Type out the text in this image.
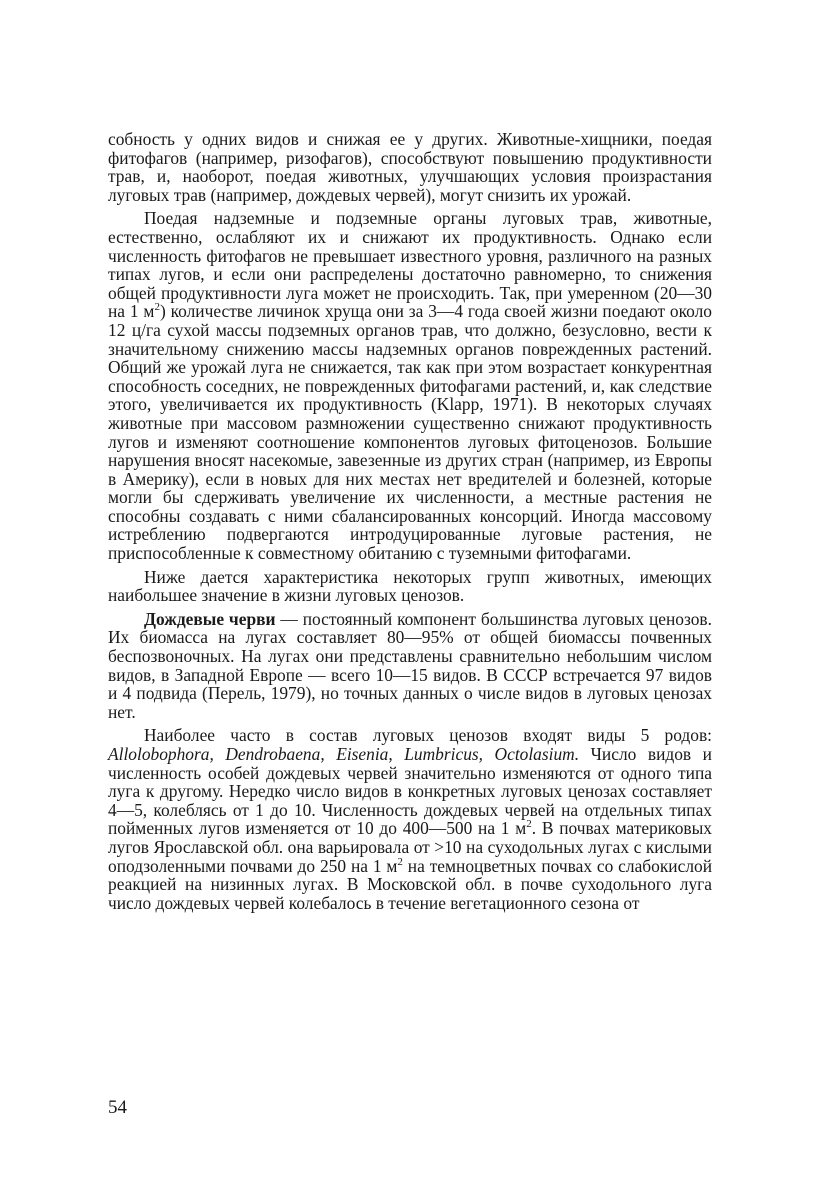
собность у одних видов и снижая ее у других. Животные-хищники, поедая фитофагов (например, ризофагов), способствуют повышению продуктивности трав, и, наоборот, поедая животных, улучшающих условия произрастания луговых трав (например, дождевых червей), могут снизить их урожай.

Поедая надземные и подземные органы луговых трав, животные, естественно, ослабляют их и снижают их продуктивность. Однако если численность фитофагов не превышает известного уровня, различного на разных типах лугов, и если они распределены достаточно равномерно, то снижения общей продуктивности луга может не происходить. Так, при умеренном (20—30 на 1 $м^2$) количестве личинок хруща они за 3—4 года своей жизни поедают около 12 ц/га сухой массы подземных органов трав, что должно, безусловно, вести к значительному снижению массы надземных органов поврежденных растений. Общий же урожай луга не снижается, так как при этом возрастает конкурентная способность соседних, не поврежденных фитофагами растений, и, как следствие этого, увеличивается их продуктивность (Klapp, 1971). В некоторых случаях животные при массовом размножении существенно снижают продуктивность лугов и изменяют соотношение компонентов луговых фитоценозов. Большие нарушения вносят насекомые, завезенные из других стран (например, из Европы в Америку), если в новых для них местах нет вредителей и болезней, которые могли бы сдерживать увеличение их численности, а местные растения не способны создавать с ними сбалансированных консорций. Иногда массовому истреблению подвергаются интродуцированные луговые растения, не приспособленные к совместному обитанию с туземными фитофагами.

Ниже дается характеристика некоторых групп животных, имеющих наибольшее значение в жизни луговых ценозов.

Дождевые черви — постоянный компонент большинства луговых ценозов. Их биомасса на лугах составляет 80—95% от общей биомассы почвенных беспозвоночных. На лугах они представлены сравнительно небольшим числом видов, в Западной Европе — всего 10—15 видов. В СССР встречается 97 видов и 4 подвида (Перель, 1979), но точных данных о числе видов в луговых ценозах нет.

Наиболее часто в состав луговых ценозов входят виды 5 родов: Allolobophora, Dendrobaena, Eisenia, Lumbricus, Octolasium. Число видов и численность особей дождевых червей значительно изменяются от одного типа луга к другому. Нередко число видов в конкретных луговых ценозах составляет 4—5, колеблясь от 1 до 10. Численность дождевых червей на отдельных типах пойменных лугов изменяется от 10 до 400—500 на 1 $м^2$. В почвах материковых лугов Ярославской обл. она варьировала от >10 на суходольных лугах с кислыми оподзоленными почвами до 250 на 1 $м^2$ на темноцветных почвах со слабокислой реакцией на низинных лугах. В Московской обл. в почве суходольного луга число дождевых червей колебалось в течение вегетационного сезона от

54
